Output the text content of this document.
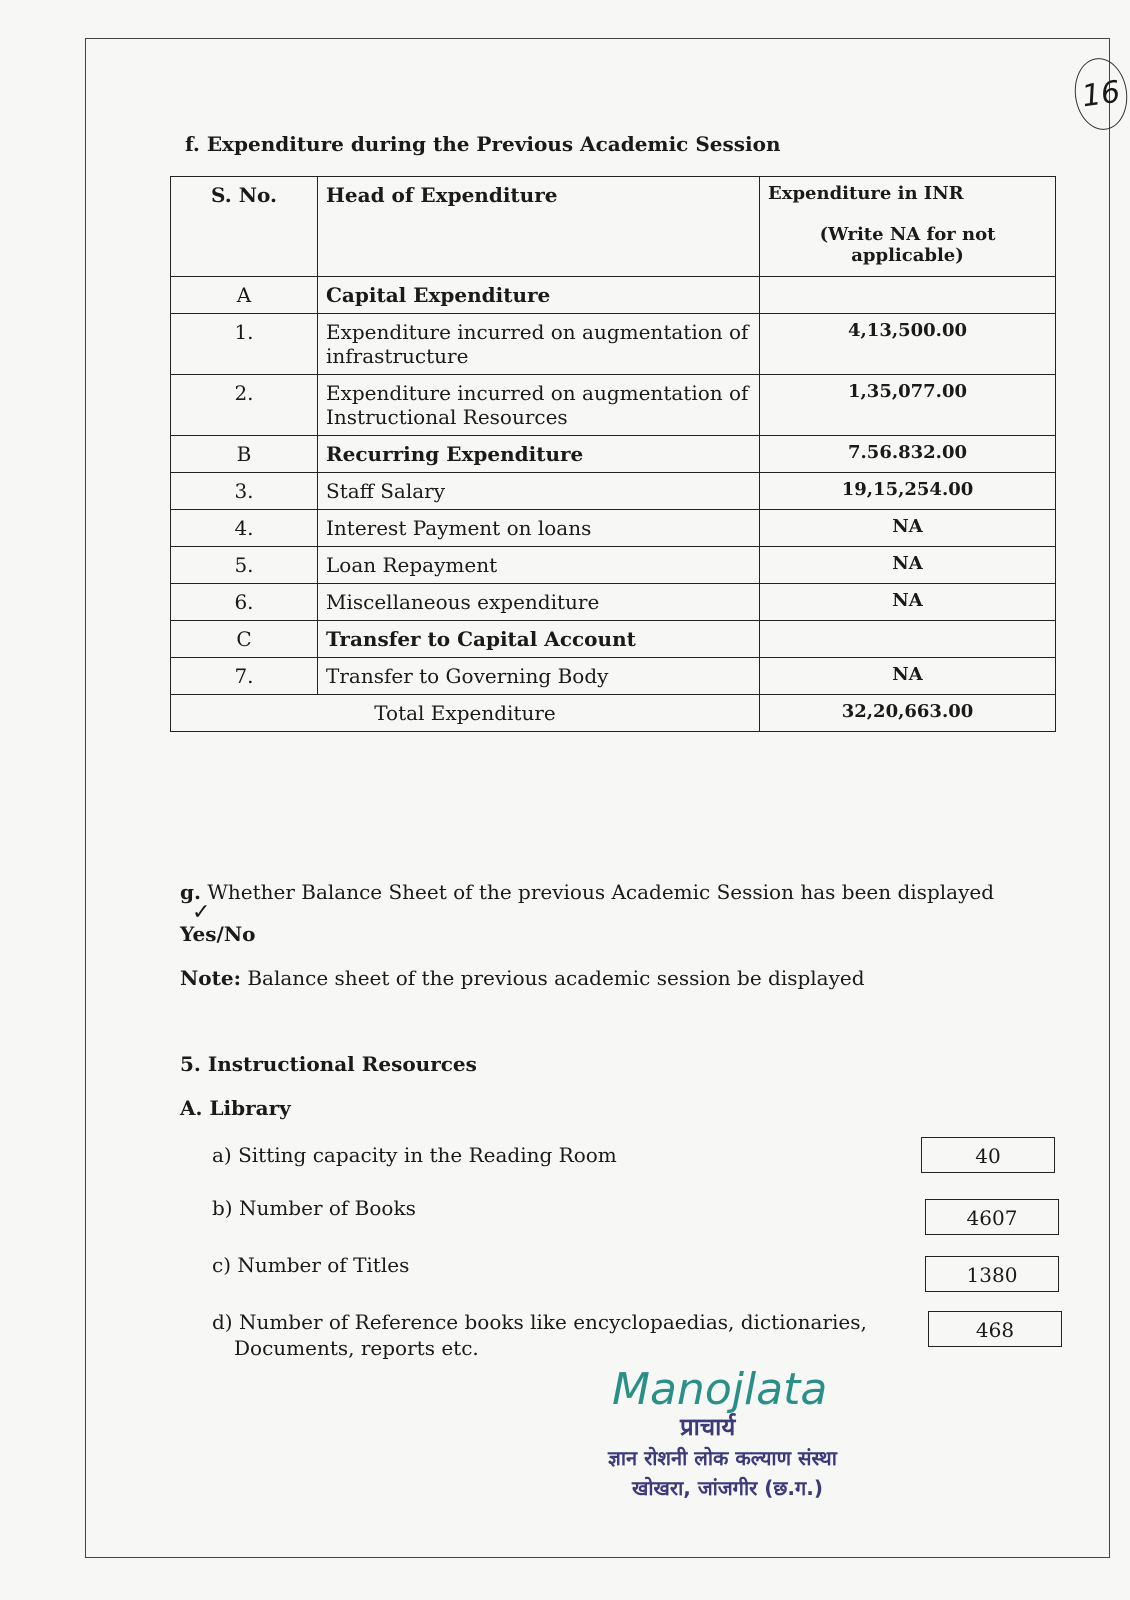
16
f. Expenditure during the Previous Academic Session
S. No.	Head of Expenditure	Expenditure in INR
(Write NA for not applicable)

A	Capital Expenditure	
1.	Expenditure incurred on augmentation of infrastructure	4,13,500.00
2.	Expenditure incurred on augmentation of Instructional Resources	1,35,077.00
B	Recurring Expenditure	7.56.832.00
3.	Staff Salary	19,15,254.00
4.	Interest Payment on loans	NA
5.	Loan Repayment	NA
6.	Miscellaneous expenditure	NA
C	Transfer to Capital Account	
7.	Transfer to Governing Body	NA
Total Expenditure		32,20,663.00
g. Whether Balance Sheet of the previous Academic Session has been displayed
✓
Yes/No
Note: Balance sheet of the previous academic session be displayed
5. Instructional Resources
A. Library
a) Sitting capacity in the Reading Room	40
b) Number of Books	4607
c) Number of Titles	1380
d) Number of Reference books like encyclopaedias, dictionaries,
Documents, reports etc.
468
Manojlata
प्राचार्य
ज्ञान रोशनी लोक कल्याण संस्था
खोखरा, जांजगीर (छ.ग.)
